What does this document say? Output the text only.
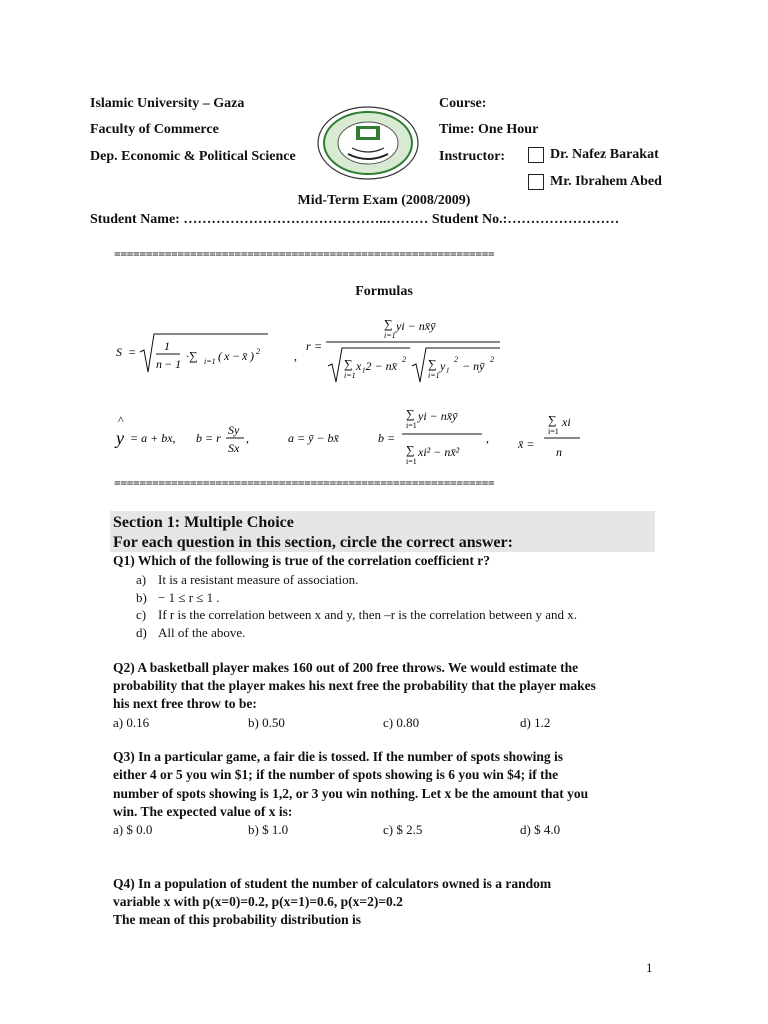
Islamic University – Gaza
Faculty of Commerce
Dep. Economic & Political Science
Course:
Time: One Hour
Instructor:	Dr. Nafez Barakat
Mr. Ibrahem Abed
Mid-Term Exam (2008/2009)
Student Name: ……………………………………..……… Student No.:……………………
============================================================
Formulas
S = 1
n − 1
·∑ i=1 ( x − x̄ ) 2	,
r =
∑
i=1
yi − nx̄ȳ
∑
i=1
x₁2 − nx̄ 2 ∑
i=1
y₁ 2 − nȳ 2
^
y = a + bx, b = r
Sy
Sx
,	a = ȳ − bx̄	b =
∑
i=1
yi − nx̄ȳ
∑
i=1
xi² − nx̄²
, x̄ =
∑
i=1
xi
n
============================================================
Section 1: Multiple Choice
For each question in this section, circle the correct answer:
Q1) Which of the following is true of the correlation coefficient r?
a) It is a resistant measure of association.
b) − 1 ≤ r ≤ 1 .
c) If r is the correlation between x and y, then –r is the correlation between y and x.
d) All of the above.
Q2) A basketball player makes 160 out of 200 free throws. We would estimate the
probability that the player makes his next free the probability that the player makes
his next free throw to be:
a) 0.16	b) 0.50	c) 0.80	d) 1.2
Q3) In a particular game, a fair die is tossed. If the number of spots showing is
either 4 or 5 you win $1; if the number of spots showing is 6 you win $4; if the
number of spots showing is 1,2, or 3 you win nothing. Let x be the amount that you
win. The expected value of x is:
a) $ 0.0	b) $ 1.0	c) $ 2.5	d) $ 4.0
Q4) In a population of student the number of calculators owned is a random
variable x with p(x=0)=0.2, p(x=1)=0.6, p(x=2)=0.2
The mean of this probability distribution is
1
